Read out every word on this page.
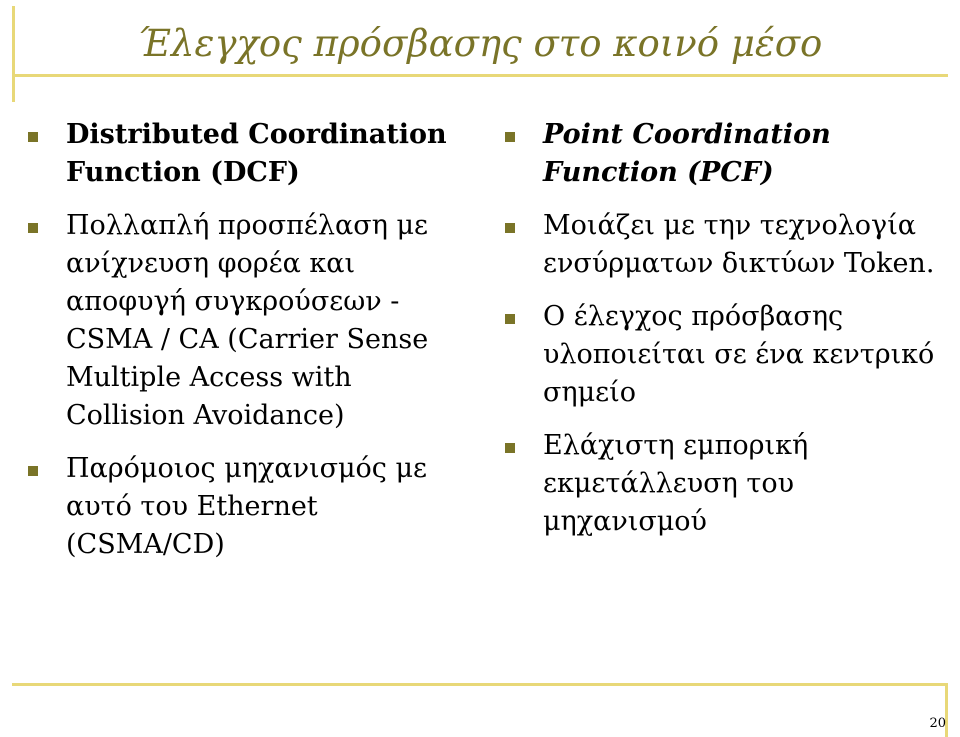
Έλεγχος πρόσβασης στο κοινό μέσο
Distributed Coordination Function (DCF)
Πολλαπλή προσπέλαση με ανίχνευση φορέα και αποφυγή συγκρούσεων - CSMA / CA (Carrier Sense Multiple Access with Collision Avoidance)
Παρόμοιος μηχανισμός με αυτό του Ethernet (CSMA/CD)
Point Coordination Function (PCF)
Μοιάζει με την τεχνολογία ενσύρματων δικτύων Token.
Ο έλεγχος πρόσβασης υλοποιείται σε ένα κεντρικό σημείο
Ελάχιστη εμπορική εκμετάλλευση του μηχανισμού
20
